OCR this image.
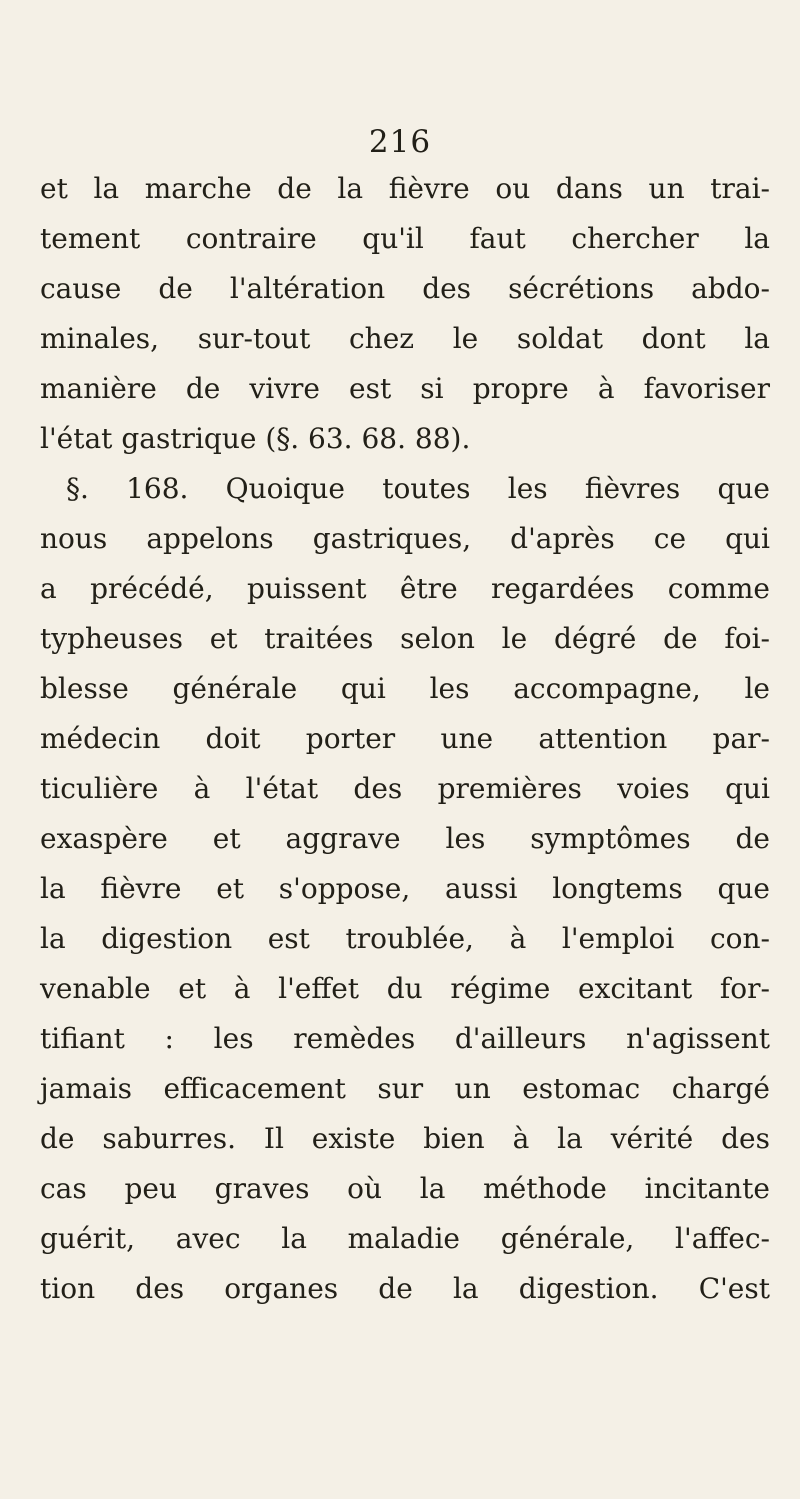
216
et la marche de la fièvre ou dans un trai-
tement contraire qu'il faut chercher la
cause de l'altération des sécrétions abdo-
minales, sur-tout chez le soldat dont la
manière de vivre est si propre à favoriser
l'état gastrique (§. 63. 68. 88).
§. 168. Quoique toutes les fièvres que
nous appelons gastriques, d'après ce qui
a précédé, puissent être regardées comme
typheuses et traitées selon le dégré de foi-
blesse générale qui les accompagne, le
médecin doit porter une attention par-
ticulière à l'état des premières voies qui
exaspère et aggrave les symptômes de
la fièvre et s'oppose, aussi longtems que
la digestion est troublée, à l'emploi con-
venable et à l'effet du régime excitant for-
tifiant : les remèdes d'ailleurs n'agissent
jamais efficacement sur un estomac chargé
de saburres. Il existe bien à la vérité des
cas peu graves où la méthode incitante
guérit, avec la maladie générale, l'affec-
tion des organes de la digestion. C'est
